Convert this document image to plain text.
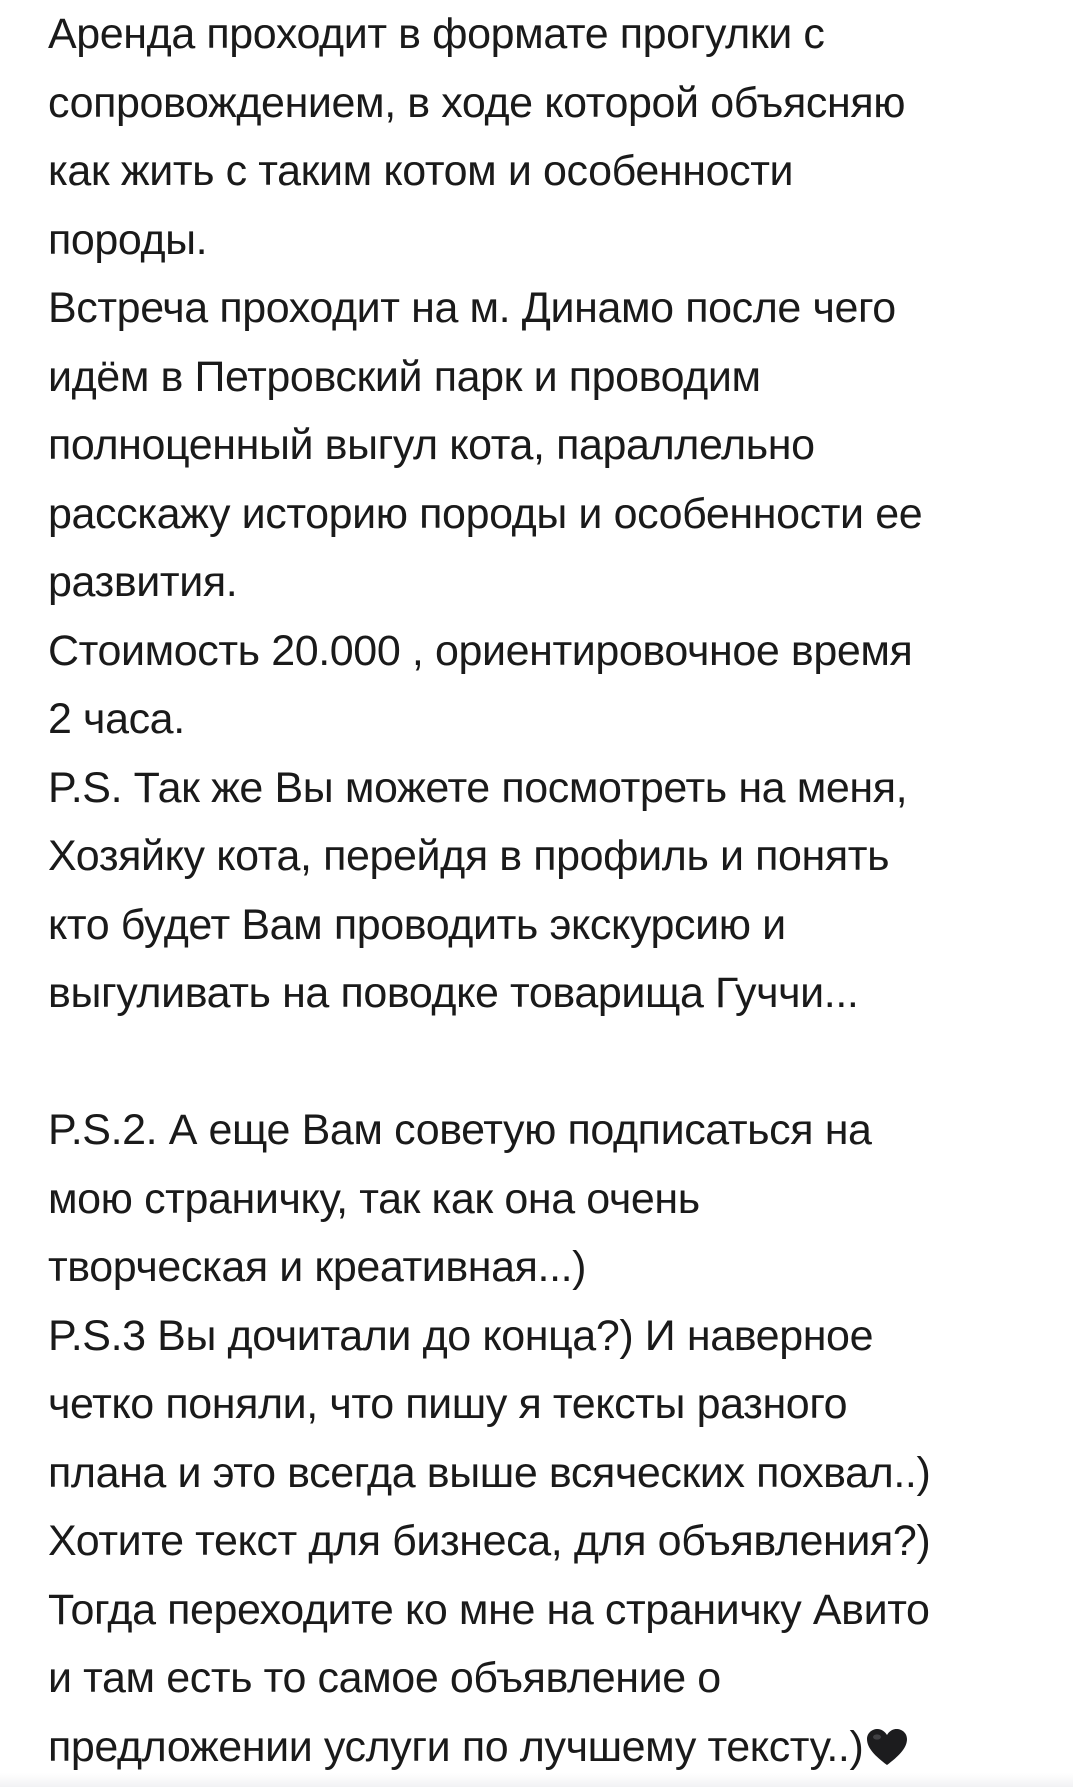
Аренда проходит в формате прогулки с
сопровождением, в ходе которой объясняю
как жить с таким котом и особенности
породы.
Встреча проходит на м. Динамо после чего
идём в Петровский парк и проводим
полноценный выгул кота, параллельно
расскажу историю породы и особенности ее
развития.
Стоимость 20.000 , ориентировочное время
2 часа.
P.S. Так же Вы можете посмотреть на меня,
Хозяйку кота, перейдя в профиль и понять
кто будет Вам проводить экскурсию и
выгуливать на поводке товарища Гуччи...
P.S.2. А еще Вам советую подписаться на
мою страничку, так как она очень
творческая и креативная...)
P.S.3 Вы дочитали до конца?) И наверное
четко поняли, что пишу я тексты разного
плана и это всегда выше всяческих похвал..)
Хотите текст для бизнеса, для объявления?)
Тогда переходите ко мне на страничку Авито
и там есть то самое объявление о
предложении услуги по лучшему тексту..)
